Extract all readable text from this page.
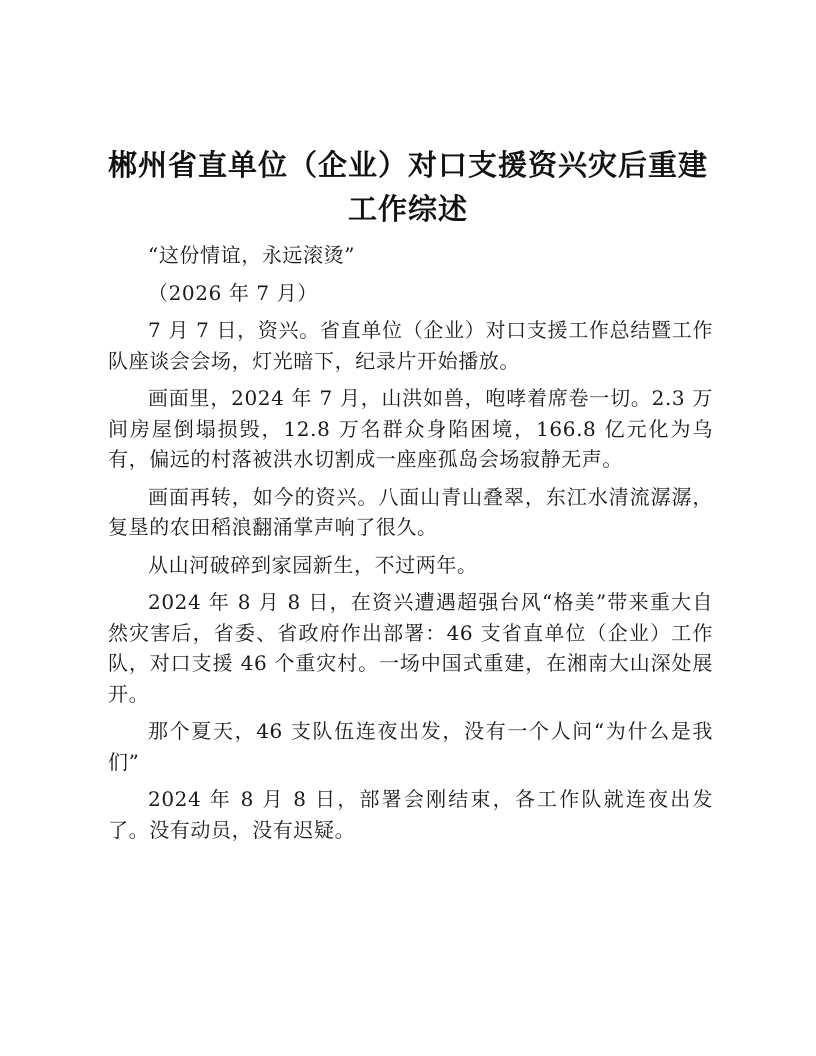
郴州省直单位（企业）对口支援资兴灾后重建
工作综述

“这份情谊，永远滚烫”

（2026 年 7 月）

7 月 7 日，资兴。省直单位（企业）对口支援工作总结暨工作队座谈会会场，灯光暗下，纪录片开始播放。

画面里，2024 年 7 月，山洪如兽，咆哮着席卷一切。2.3 万间房屋倒塌损毁，12.8 万名群众身陷困境，166.8 亿元化为乌有，偏远的村落被洪水切割成一座座孤岛会场寂静无声。

画面再转，如今的资兴。八面山青山叠翠，东江水清流潺潺，复垦的农田稻浪翻涌掌声响了很久。

从山河破碎到家园新生，不过两年。

2024 年 8 月 8 日，在资兴遭遇超强台风“格美”带来重大自然灾害后，省委、省政府作出部署：46 支省直单位（企业）工作队，对口支援 46 个重灾村。一场中国式重建，在湘南大山深处展开。

那个夏天，46 支队伍连夜出发，没有一个人问“为什么是我们”

2024 年 8 月 8 日，部署会刚结束，各工作队就连夜出发了。没有动员，没有迟疑。
